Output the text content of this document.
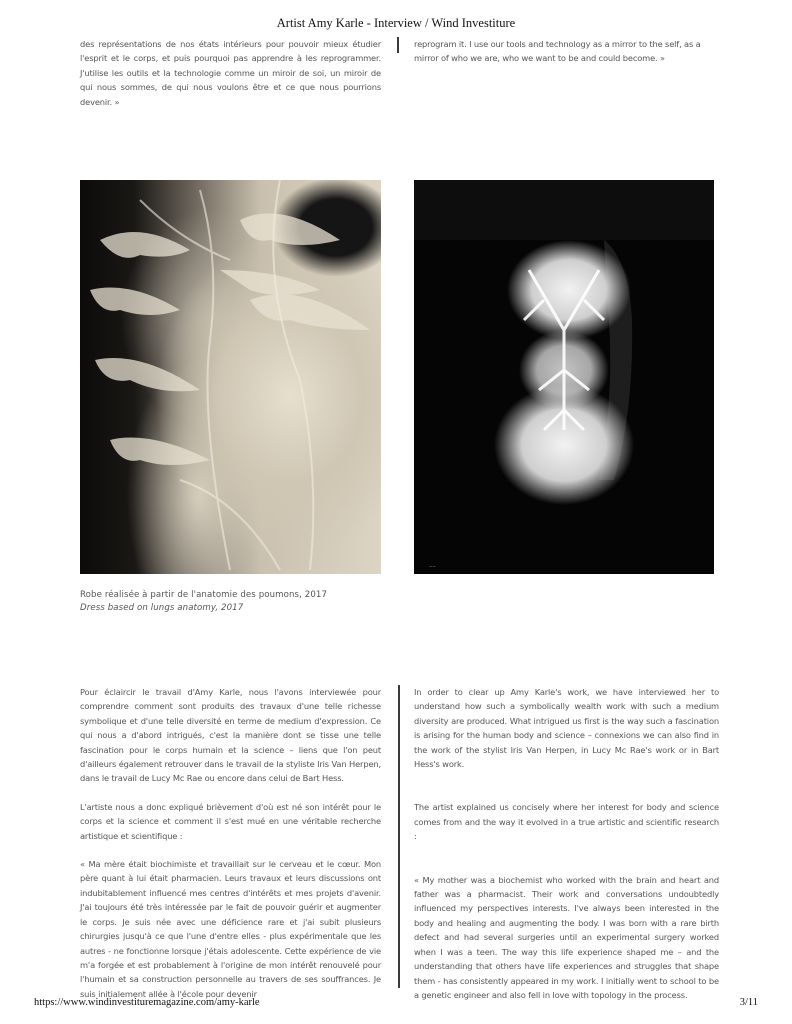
Artist Amy Karle - Interview / Wind Investiture

des représentations de nos états intérieurs pour pouvoir mieux étudier l'esprit et le corps, et puis pourquoi pas apprendre à les reprogrammer. J'utilise les outils et la technologie comme un miroir de soi, un miroir de qui nous sommes, de qui nous voulons être et ce que nous pourrions devenir. »

reprogram it. I use our tools and technology as a mirror to the self, as a mirror of who we are, who we want to be and could become. »

~~
Robe réalisée à partir de l'anatomie des poumons, 2017
Dress based on lungs anatomy, 2017

Pour éclaircir le travail d'Amy Karle, nous l'avons interviewée pour comprendre comment sont produits des travaux d'une telle richesse symbolique et d'une telle diversité en terme de medium d'expression. Ce qui nous a d'abord intrigués, c'est la manière dont se tisse une telle fascination pour le corps humain et la science – liens que l'on peut d'ailleurs également retrouver dans le travail de la styliste Iris Van Herpen, dans le travail de Lucy Mc Rae ou encore dans celui de Bart Hess.

L'artiste nous a donc expliqué brièvement d'où est né son intérêt pour le corps et la science et comment il s'est mué en une véritable recherche artistique et scientifique :

« Ma mère était biochimiste et travaillait sur le cerveau et le cœur. Mon père quant à lui était pharmacien. Leurs travaux et leurs discussions ont indubitablement influencé mes centres d'intérêts et mes projets d'avenir. J'ai toujours été très intéressée par le fait de pouvoir guérir et augmenter le corps. Je suis née avec une déficience rare et j'ai subit plusieurs chirurgies jusqu'à ce que l'une d'entre elles - plus expérimentale que les autres - ne fonctionne lorsque j'étais adolescente. Cette expérience de vie m'a forgée et est probablement à l'origine de mon intérêt renouvelé pour l'humain et sa construction personnelle au travers de ses souffrances. Je suis initialement allée à l'école pour devenir

In order to clear up Amy Karle's work, we have interviewed her to understand how such a symbolically wealth work with such a medium diversity are produced. What intrigued us first is the way such a fascination is arising for the human body and science – connexions we can also find in the work of the stylist Iris Van Herpen, in Lucy Mc Rae's work or in Bart Hess's work.

The artist explained us concisely where her interest for body and science comes from and the way it evolved in a true artistic and scientific research :

« My mother was a biochemist who worked with the brain and heart and father was a pharmacist. Their work and conversations undoubtedly influenced my perspectives interests. I've always been interested in the body and healing and augmenting the body. I was born with a rare birth defect and had several surgeries until an experimental surgery worked when I was a teen. The way this life experience shaped me – and the understanding that others have life experiences and struggles that shape them - has consistently appeared in my work. I initially went to school to be a genetic engineer and also fell in love with topology in the process.

https://www.windinvestituremagazine.com/amy-karle	3/11
